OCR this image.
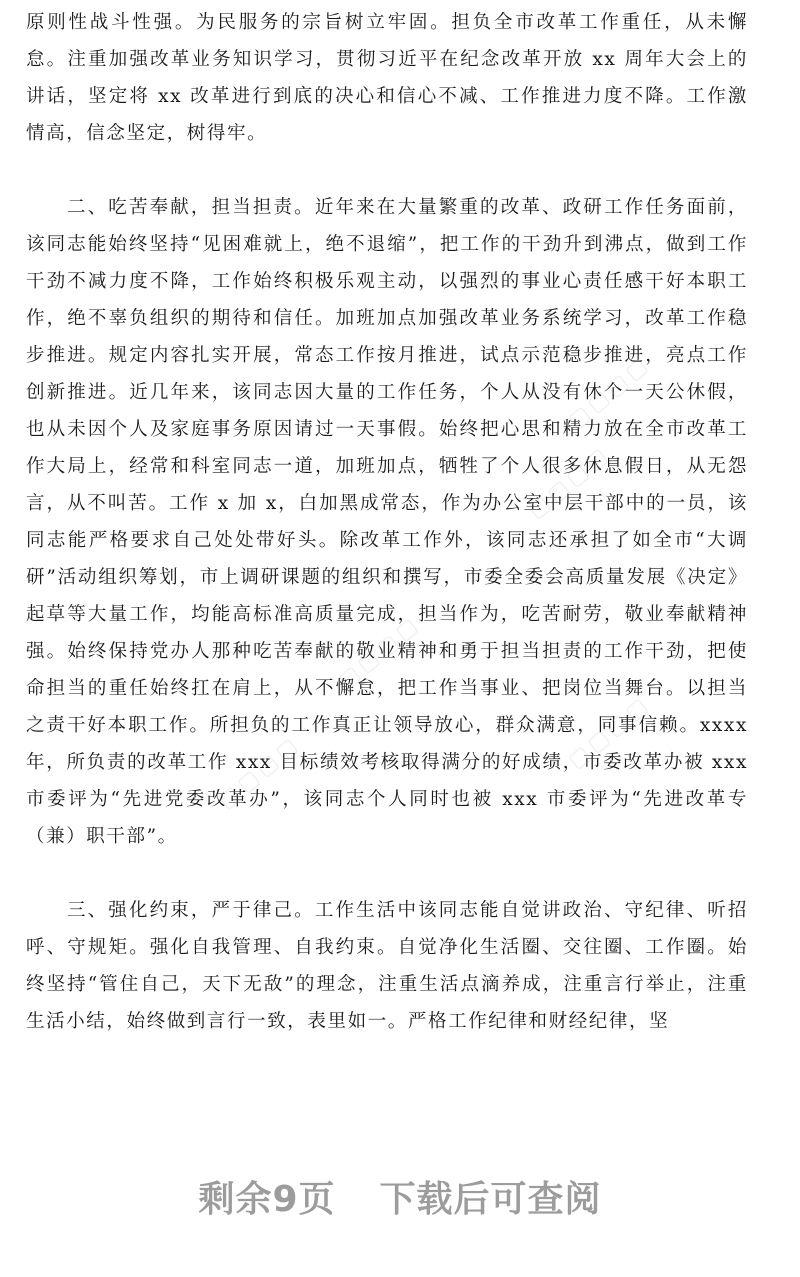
原则性战斗性强。为民服务的宗旨树立牢固。担负全市改革工作重任，从未懈怠。注重加强改革业务知识学习，贯彻习近平在纪念改革开放 xx 周年大会上的讲话，坚定将 xx 改革进行到底的决心和信心不减、工作推进力度不降。工作激情高，信念坚定，树得牢。

二、吃苦奉献，担当担责。近年来在大量繁重的改革、政研工作任务面前，该同志能始终坚持“见困难就上，绝不退缩”，把工作的干劲升到沸点，做到工作干劲不减力度不降，工作始终积极乐观主动，以强烈的事业心责任感干好本职工作，绝不辜负组织的期待和信任。加班加点加强改革业务系统学习，改革工作稳步推进。规定内容扎实开展，常态工作按月推进，试点示范稳步推进，亮点工作创新推进。近几年来，该同志因大量的工作任务，个人从没有休个一天公休假，也从未因个人及家庭事务原因请过一天事假。始终把心思和精力放在全市改革工作大局上，经常和科室同志一道，加班加点，牺牲了个人很多休息假日，从无怨言，从不叫苦。工作 x 加 x，白加黑成常态，作为办公室中层干部中的一员，该同志能严格要求自己处处带好头。除改革工作外，该同志还承担了如全市“大调研”活动组织筹划，市上调研课题的组织和撰写，市委全委会高质量发展《决定》起草等大量工作，均能高标准高质量完成，担当作为，吃苦耐劳，敬业奉献精神强。始终保持党办人那种吃苦奉献的敬业精神和勇于担当担责的工作干劲，把使命担当的重任始终扛在肩上，从不懈怠，把工作当事业、把岗位当舞台。以担当之责干好本职工作。所担负的工作真正让领导放心，群众满意，同事信赖。xxxx 年，所负责的改革工作 xxx 目标绩效考核取得满分的好成绩，市委改革办被 xxx 市委评为“先进党委改革办”，该同志个人同时也被 xxx 市委评为“先进改革专（兼）职干部”。

三、强化约束，严于律己。工作生活中该同志能自觉讲政治、守纪律、听招呼、守规矩。强化自我管理、自我约束。自觉净化生活圈、交往圈、工作圈。始终坚持“管住自己，天下无敌”的理念，注重生活点滴养成，注重言行举止，注重生活小结，始终做到言行一致，表里如一。严格工作纪律和财经纪律，坚

▢▢▢▢
▢▢▢▢
▢▢▢▢
▢▢▢▢
▢▢▢▢
剩余9页 下载后可查阅
